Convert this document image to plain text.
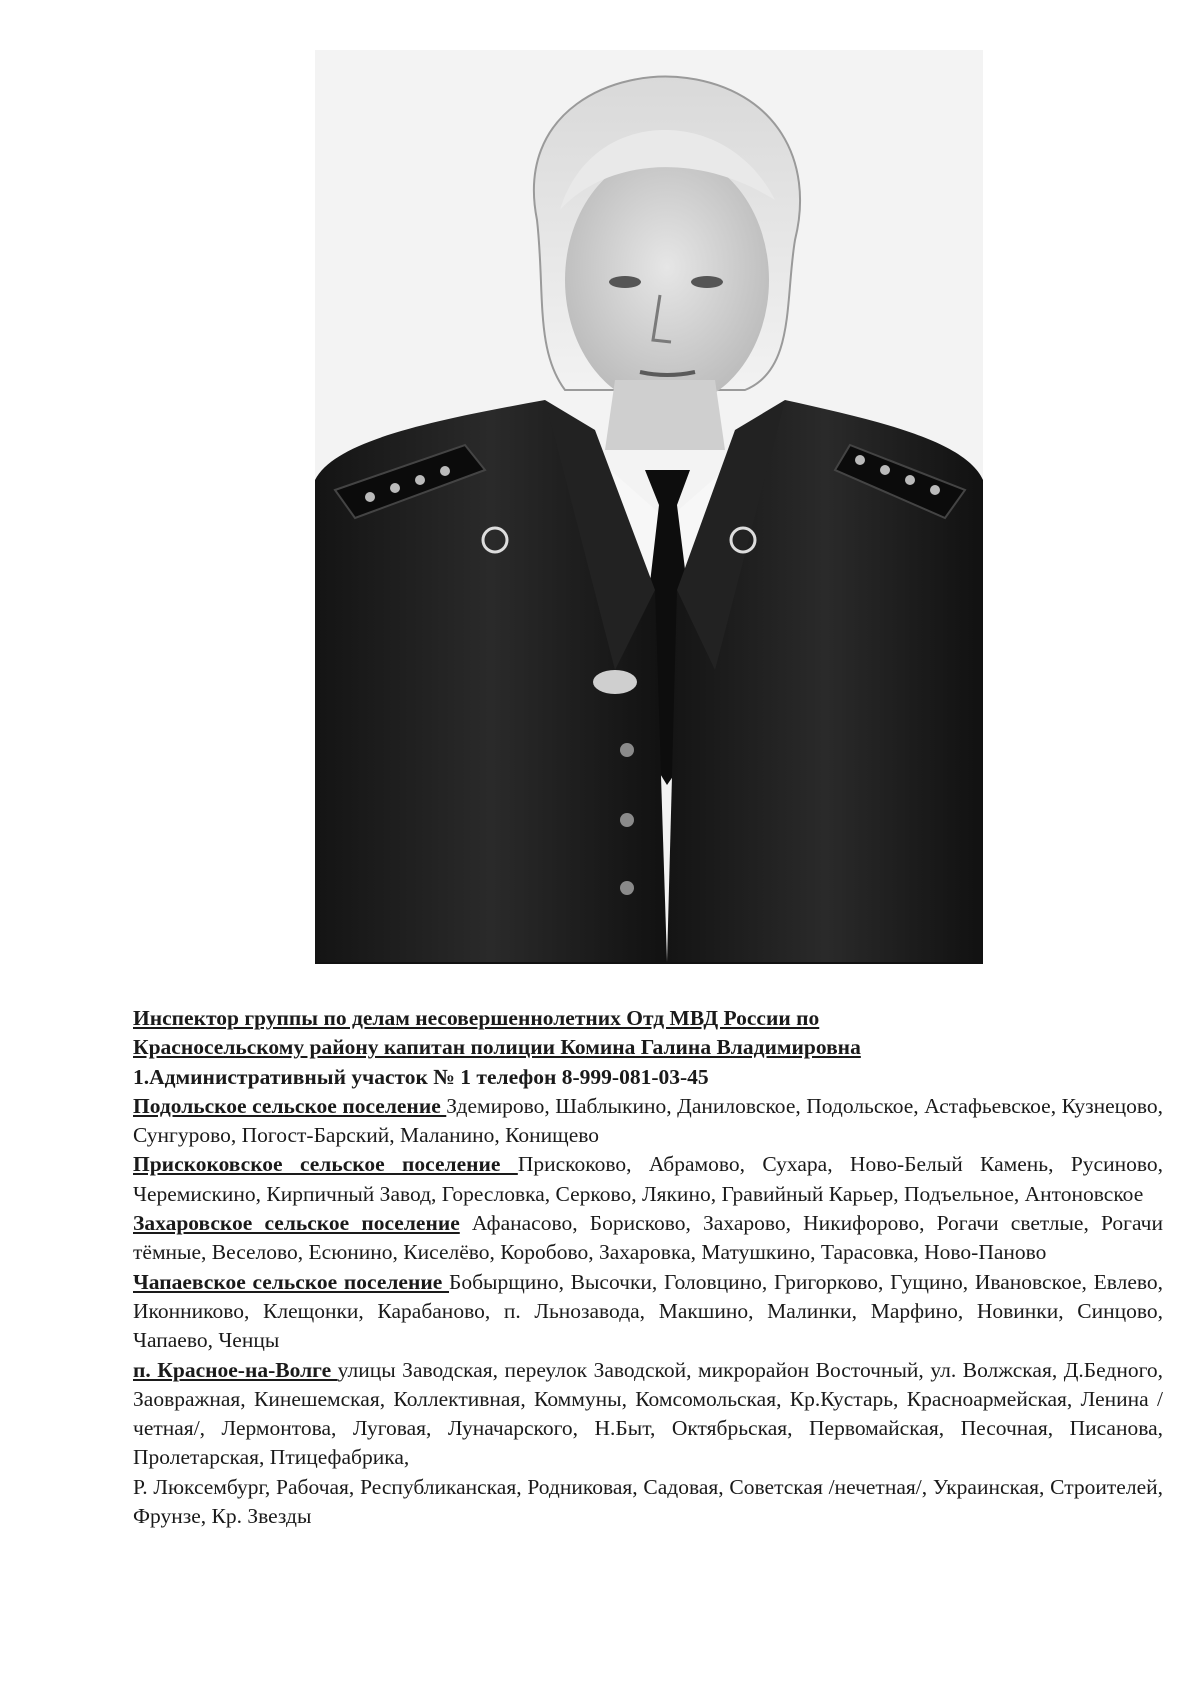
Инспектор группы по делам несовершеннолетних Отд МВД России по

Красносельскому району капитан полиции Комина Галина Владимировна

1.Административный участок № 1 телефон 8-999-081-03-45

Подольское сельское поселение Здемирово, Шаблыкино, Даниловское, Подольское, Астафьевское, Кузнецово, Сунгурово, Погост-Барский, Маланино, Конищево

Прискоковское сельское поселение Прискоково, Абрамово, Сухара, Ново-Белый Камень, Русиново, Черемискино, Кирпичный Завод, Горесловка, Серково, Лякино, Гравийный Карьер, Подъельное, Антоновское

Захаровское сельское поселение Афанасово, Борисково, Захарово, Никифорово, Рогачи светлые, Рогачи тёмные, Веселово, Есюнино, Киселёво, Коробово, Захаровка, Матушкино, Тарасовка, Ново-Паново

Чапаевское сельское поселение Бобырщино, Высочки, Головцино, Григорково, Гущино, Ивановское, Евлево, Иконниково, Клещонки, Карабаново, п. Льнозавода, Макшино, Малинки, Марфино, Новинки, Синцово, Чапаево, Ченцы

п. Красное-на-Волге улицы Заводская, переулок Заводской, микрорайон Восточный, ул. Волжская, Д.Бедного, Заовражная, Кинешемская, Коллективная, Коммуны, Комсомольская, Кр.Кустарь, Красноармейская, Ленина /четная/, Лермонтова, Луговая, Луначарского, Н.Быт, Октябрьская, Первомайская, Песочная, Писанова, Пролетарская, Птицефабрика,

Р. Люксембург, Рабочая, Республиканская, Родниковая, Садовая, Советская /нечетная/, Украинская, Строителей, Фрунзе, Кр. Звезды
